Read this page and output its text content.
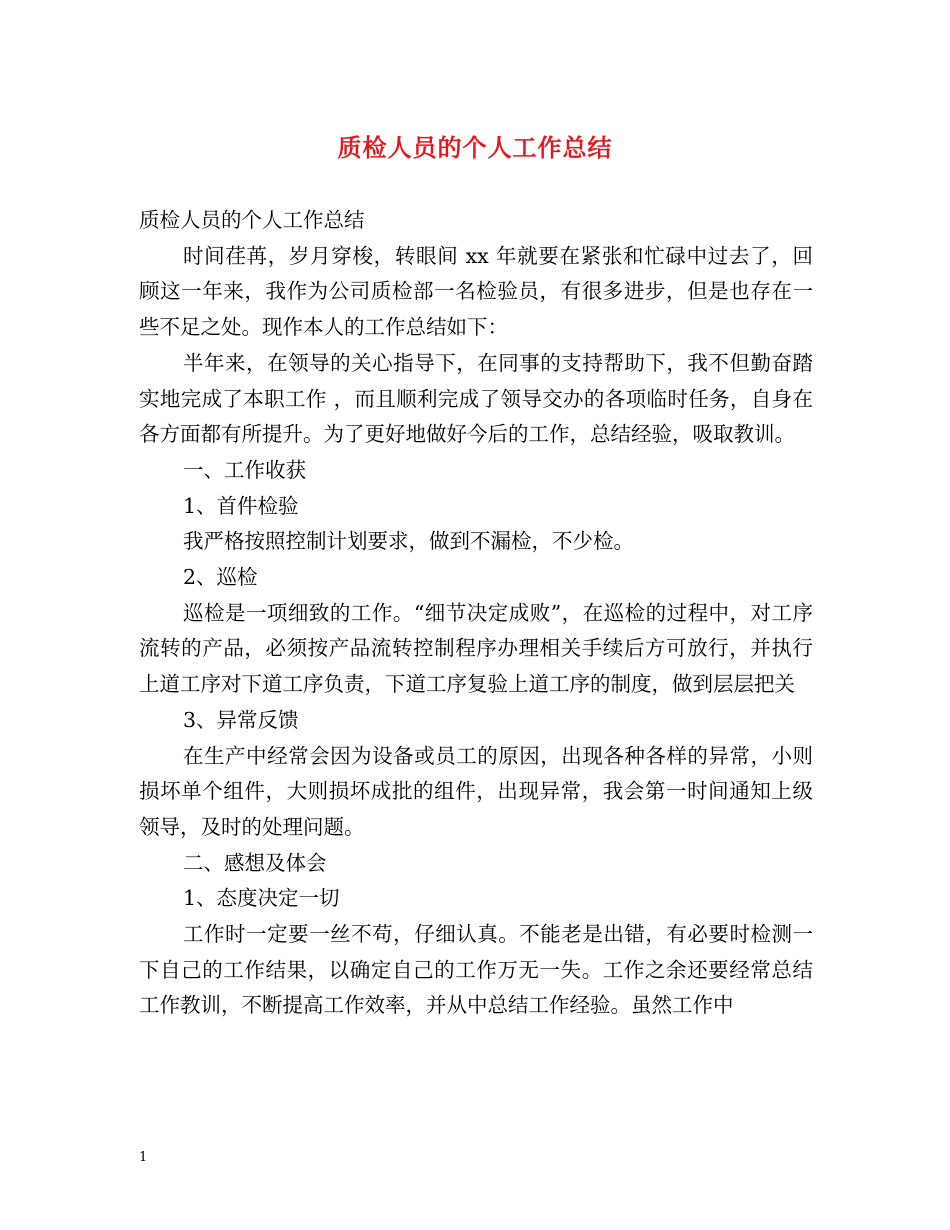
质检人员的个人工作总结

质检人员的个人工作总结

时间荏苒，岁月穿梭，转眼间 xx 年就要在紧张和忙碌中过去了，回顾这一年来，我作为公司质检部一名检验员，有很多进步，但是也存在一些不足之处。现作本人的工作总结如下：

半年来，在领导的关心指导下，在同事的支持帮助下，我不但勤奋踏实地完成了本职工作 ，而且顺利完成了领导交办的各项临时任务，自身在各方面都有所提升。为了更好地做好今后的工作，总结经验，吸取教训。

一、工作收获

1、首件检验

我严格按照控制计划要求，做到不漏检，不少检。

2、巡检

巡检是一项细致的工作。“细节决定成败”，在巡检的过程中，对工序流转的产品，必须按产品流转控制程序办理相关手续后方可放行，并执行上道工序对下道工序负责，下道工序复验上道工序的制度，做到层层把关

3、异常反馈

在生产中经常会因为设备或员工的原因，出现各种各样的异常，小则损坏单个组件，大则损坏成批的组件，出现异常，我会第一时间通知上级领导，及时的处理问题。

二、感想及体会

1、态度决定一切

工作时一定要一丝不苟，仔细认真。不能老是出错，有必要时检测一下自己的工作结果，以确定自己的工作万无一失。工作之余还要经常总结工作教训，不断提高工作效率，并从中总结工作经验。虽然工作中

1
